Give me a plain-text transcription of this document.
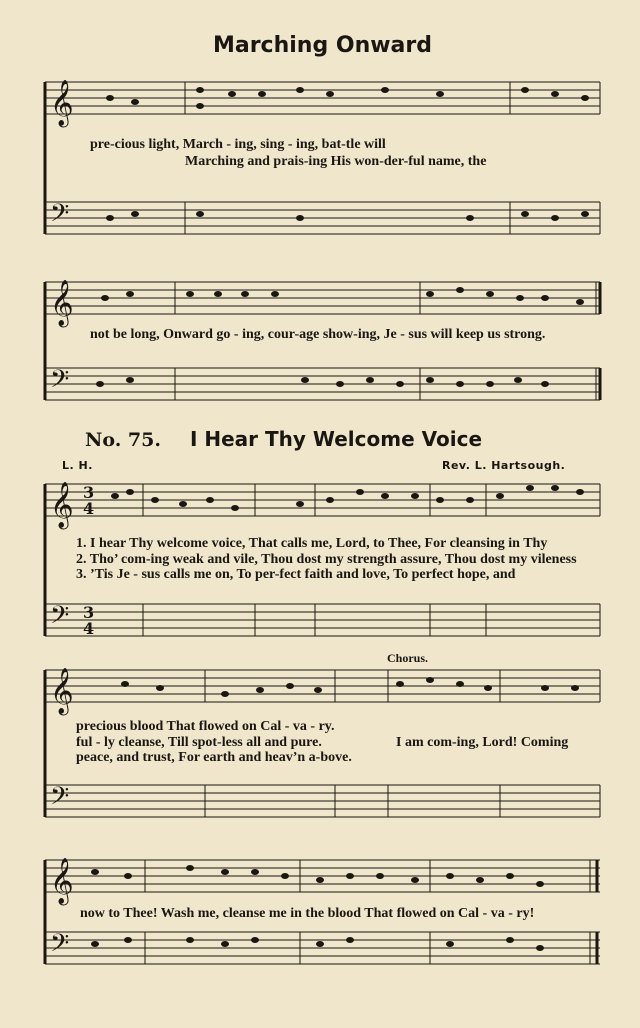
𝄞
𝄢
𝄞
𝄢
𝄞
𝄢
𝄞
𝄢
𝄞
𝄢
3
4
3
4
Marching Onward
pre-cious light, March - ing, sing - ing, bat-tle will
Marching and prais-ing His won-der-ful name, the
not be long, Onward go - ing, cour-age show-ing, Je - sus will keep us strong.
No. 75. I Hear Thy Welcome Voice
L. H.	Rev. L. Hartsough.
1. I hear Thy welcome voice, That calls me, Lord, to Thee, For cleansing in Thy
2. Tho’ com-ing weak and vile, Thou dost my strength assure, Thou dost my vileness
3. ’Tis Je - sus calls me on, To per-fect faith and love, To perfect hope, and
Chorus.
precious blood That flowed on Cal - va - ry.
ful - ly cleanse, Till spot-less all and pure.
peace, and trust, For earth and heav’n a-bove.
I am com-ing, Lord! Coming
now to Thee! Wash me, cleanse me in the blood That flowed on Cal - va - ry!
